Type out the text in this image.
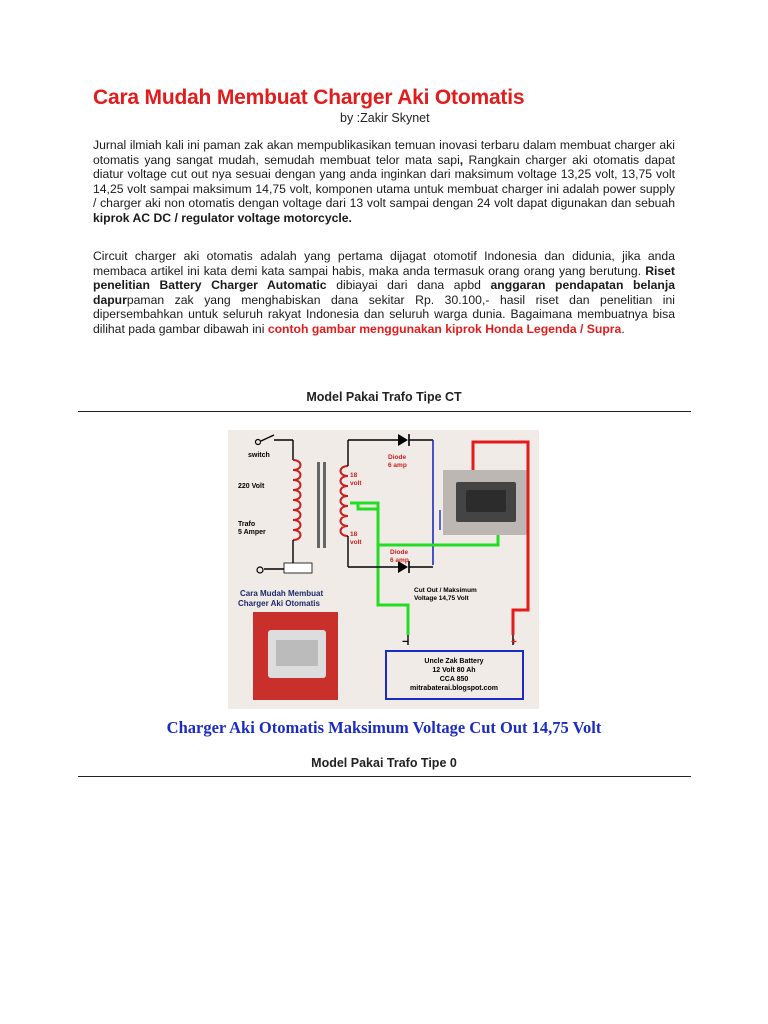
Cara Mudah Membuat Charger Aki Otomatis
by :Zakir Skynet

Jurnal ilmiah kali ini paman zak akan mempublikasikan temuan inovasi terbaru dalam membuat charger aki otomatis yang sangat mudah, semudah membuat telor mata sapi, Rangkain charger aki otomatis dapat diatur voltage cut out nya sesuai dengan yang anda inginkan dari maksimum voltage 13,25 volt, 13,75 volt 14,25 volt sampai maksimum 14,75 volt, komponen utama untuk membuat charger ini adalah power supply / charger aki non otomatis dengan voltage dari 13 volt sampai dengan 24 volt dapat digunakan dan sebuah kiprok AC DC / regulator voltage motorcycle.

Circuit charger aki otomatis adalah yang pertama dijagat otomotif Indonesia dan didunia, jika anda membaca artikel ini kata demi kata sampai habis, maka anda termasuk orang orang yang berutung. Riset penelitian Battery Charger Automatic dibiayai dari dana apbd anggaran pendapatan belanja dapurpaman zak yang menghabiskan dana sekitar Rp. 30.100,- hasil riset dan penelitian ini dipersembahkan untuk seluruh rakyat Indonesia dan seluruh warga dunia. Bagaimana membuatnya bisa dilihat pada gambar dibawah ini contoh gambar menggunakan kiprok Honda Legenda / Supra.

Model Pakai Trafo Tipe CT
switch
220 Volt
Trafo
5 Amper
18
volt
18
volt
Diode
6 amp
Diode
6 amp
Cut Out / Maksimum
Voltage 14,75 Volt
Cara Mudah Membuat
Charger Aki Otomatis
−	+
Uncle Zak Battery
12 Volt 80 Ah
CCA 850
mitrabaterai.blogspot.com
Charger Aki Otomatis Maksimum Voltage Cut Out 14,75 Volt
Model Pakai Trafo Tipe 0
